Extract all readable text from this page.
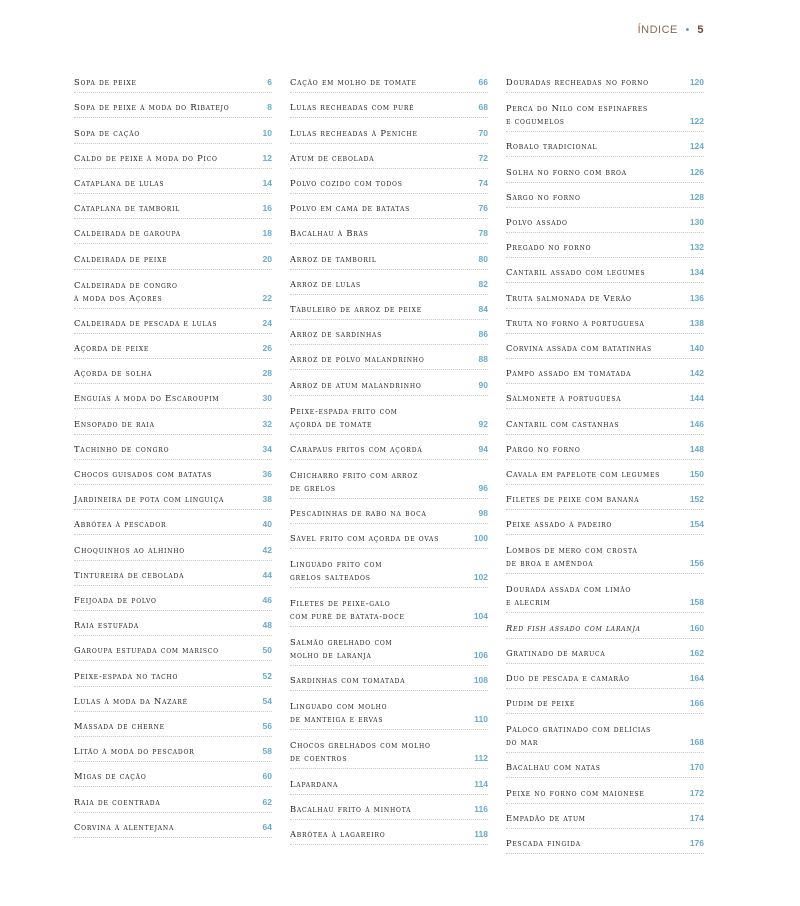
ÍNDICE • 5
Sopa de peixe	6
Sopa de peixe à moda do Ribatejo	8
Sopa de cação	10
Caldo de peixe à moda do Pico	12
Cataplana de lulas	14
Cataplana de tamboril	16
Caldeirada de garoupa	18
Caldeirada de peixe	20
Caldeirada de congro
à moda dos Açores	22
Caldeirada de pescada e lulas	24
Açorda de peixe	26
Açorda de solha	28
Enguias à moda do Escaroupim	30
Ensopado de raia	32
Tachinho de congro	34
Chocos guisados com batatas	36
Jardineira de pota com linguiça	38
Abrótea à pescador	40
Choquinhos ao alhinho	42
Tintureira de cebolada	44
Feijoada de polvo	46
Raia estufada	48
Garoupa estufada com marisco	50
Peixe-espada no tacho	52
Lulas à moda da Nazaré	54
Massada de cherne	56
Litão à moda do pescador	58
Migas de cação	60
Raia de coentrada	62
Corvina à alentejana	64
Cação em molho de tomate	66
Lulas recheadas com puré	68
Lulas recheadas à Peniche	70
Atum de cebolada	72
Polvo cozido com todos	74
Polvo em cama de batatas	76
Bacalhau à Brás	78
Arroz de tamboril	80
Arroz de lulas	82
Tabuleiro de arroz de peixe	84
Arroz de sardinhas	86
Arroz de polvo malandrinho	88
Arroz de atum malandrinho	90
Peixe-espada frito com
açorda de tomate	92
Carapaus fritos com açorda	94
Chicharro frito com arroz
de grelos	96
Pescadinhas de rabo na boca	98
Sável frito com açorda de ovas	100
Linguado frito com
grelos salteados	102
Filetes de peixe-galo
com puré de batata-doce	104
Salmão grelhado com
molho de laranja	106
Sardinhas com tomatada	108
Linguado com molho
de manteiga e ervas	110
Chocos grelhados com molho
de coentros	112
Lapardana	114
Bacalhau frito à minhota	116
Abrótea à lagareiro	118
Douradas recheadas no forno	120
Perca do Nilo com espinafres
e cogumelos	122
Robalo tradicional	124
Solha no forno com broa	126
Sargo no forno	128
Polvo assado	130
Pregado no forno	132
Cantaril assado com legumes	134
Truta salmonada de Verão	136
Truta no forno à portuguesa	138
Corvina assada com batatinhas	140
Pampo assado em tomatada	142
Salmonete à portuguesa	144
Cantaril com castanhas	146
Pargo no forno	148
Cavala em papelote com legumes	150
Filetes de peixe com banana	152
Peixe assado à padeiro	154
Lombos de mero com crosta
de broa e amêndoa	156
Dourada assada com limão
e alecrim	158
Red fish assado com laranja	160
Gratinado de maruca	162
Duo de pescada e camarão	164
Pudim de peixe	166
Paloco gratinado com delícias
do mar	168
Bacalhau com natas	170
Peixe no forno com maionese	172
Empadão de atum	174
Pescada fingida	176
